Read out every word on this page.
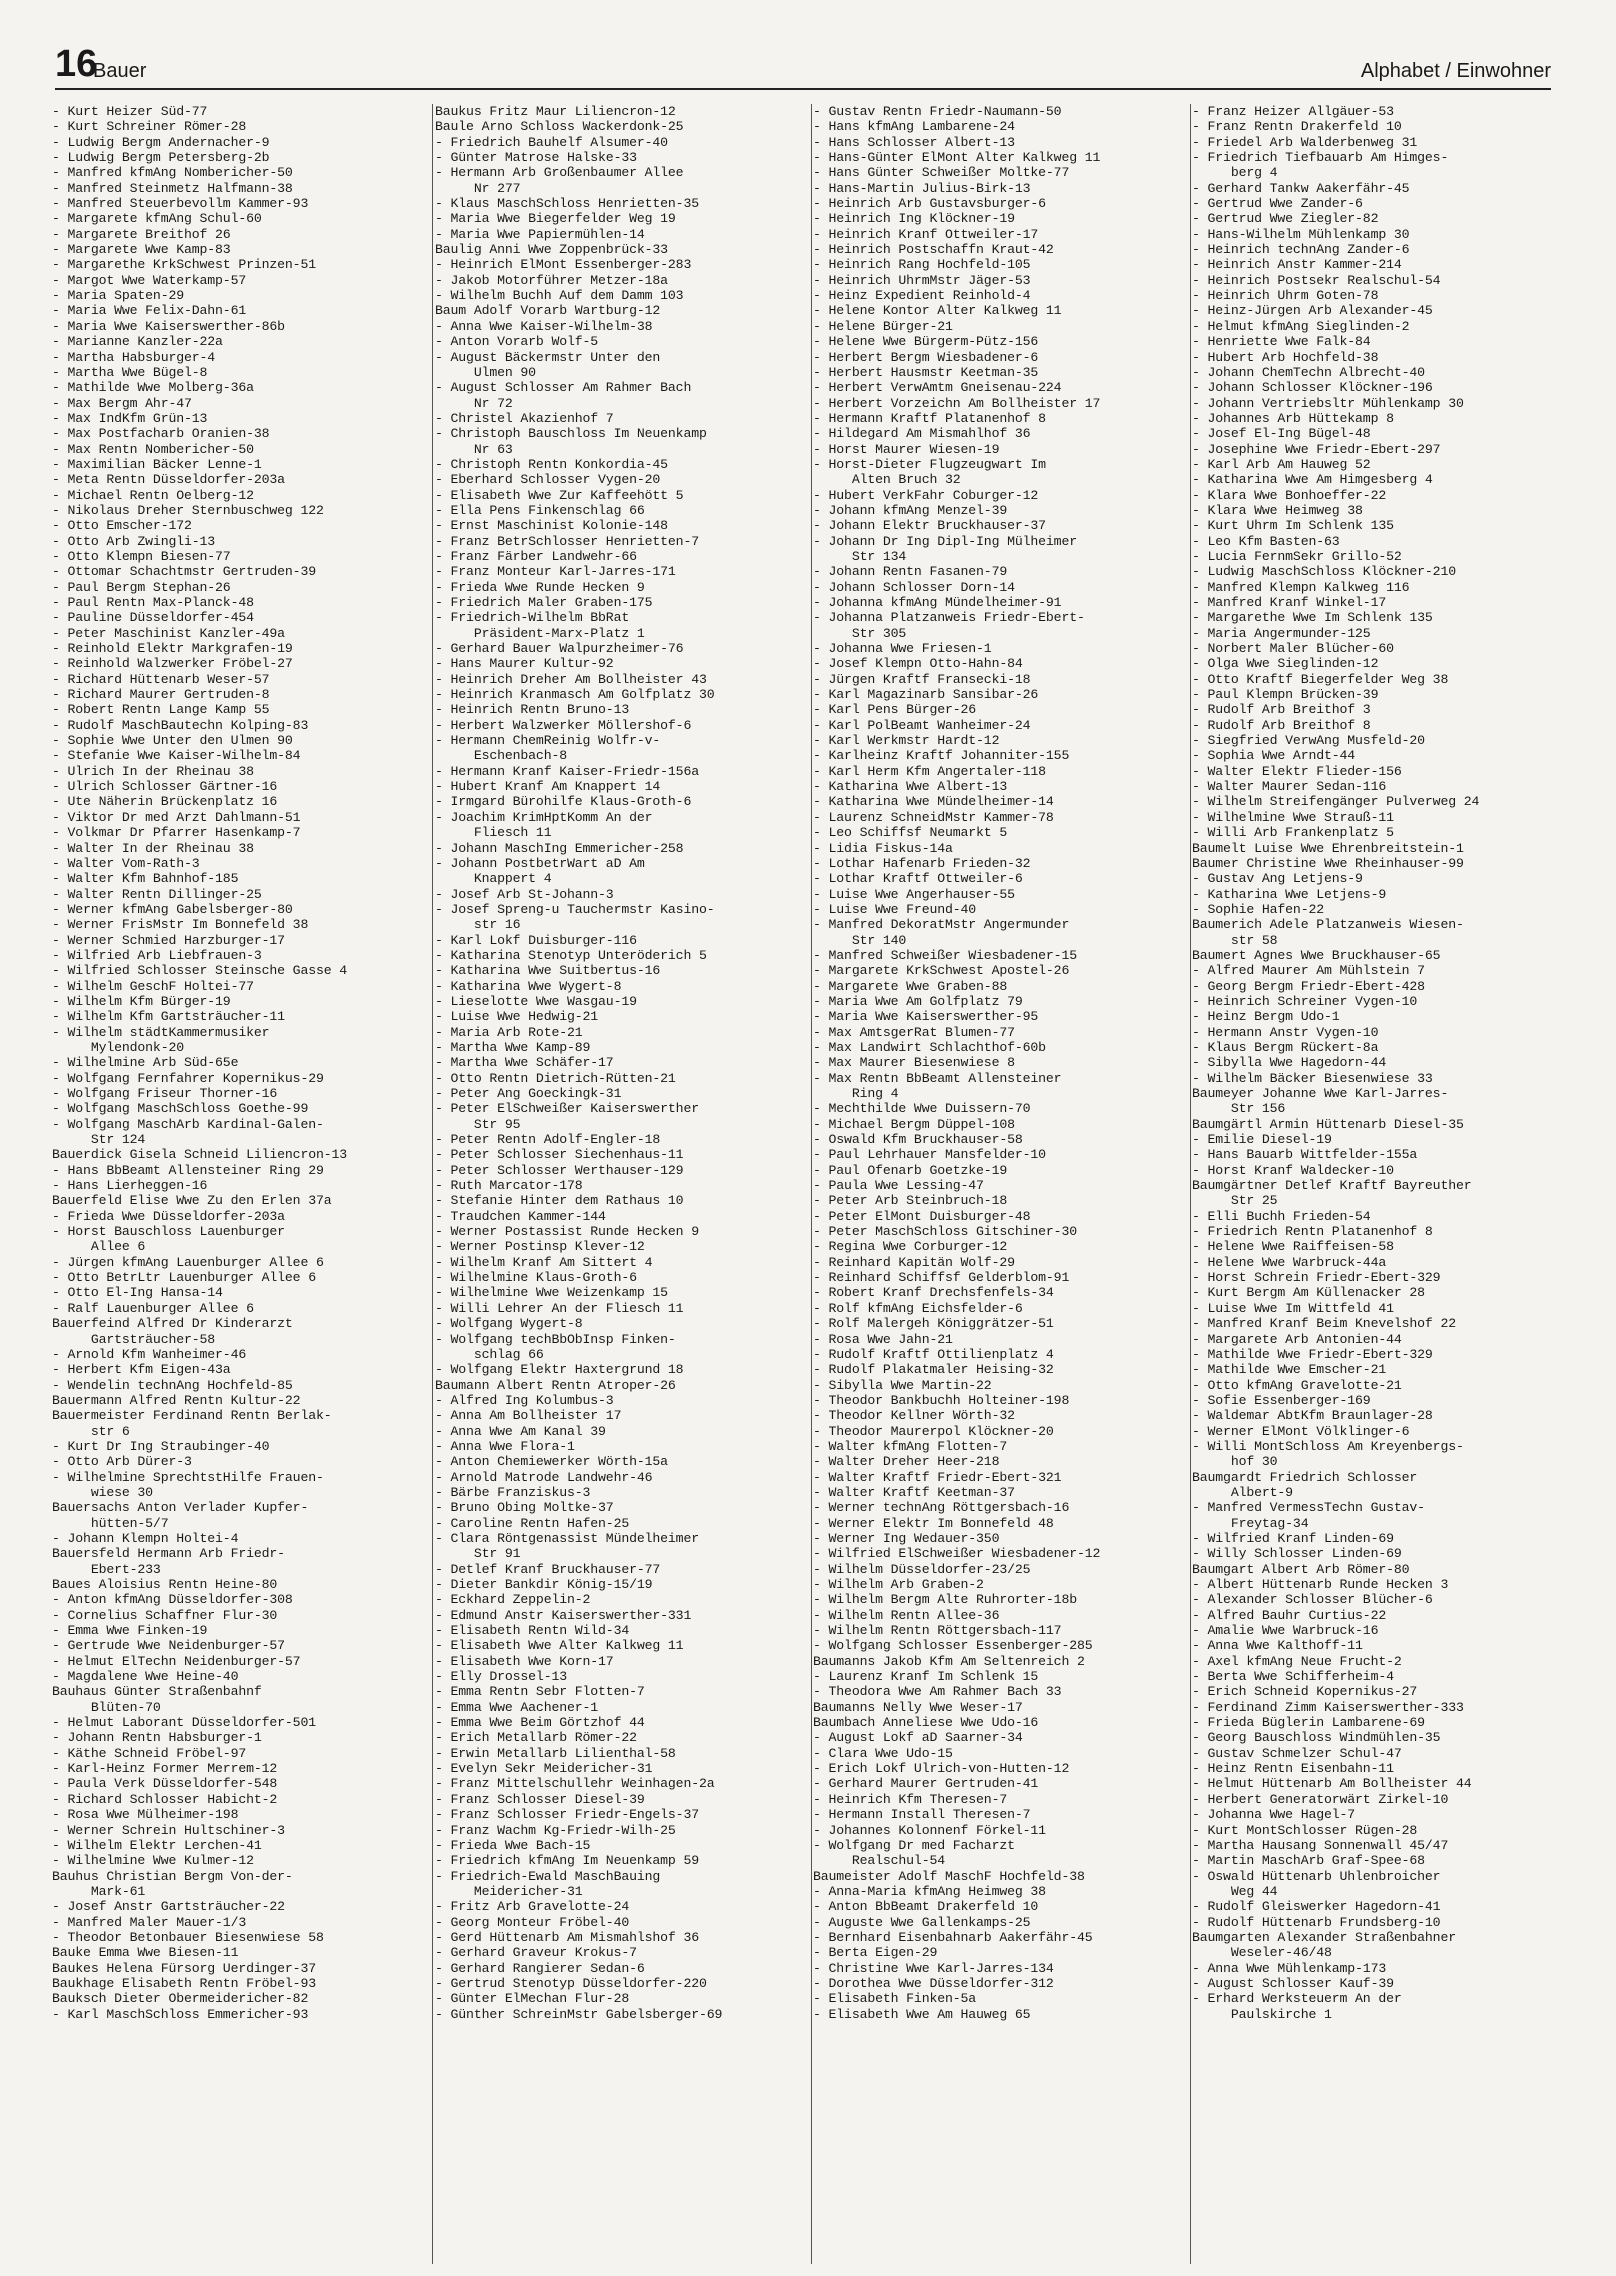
16
Bauer	Alphabet / Einwohner
- Kurt Heizer Süd-77
- Kurt Schreiner Römer-28
- Ludwig Bergm Andernacher-9
- Ludwig Bergm Petersberg-2b
- Manfred kfmAng Nombericher-50
- Manfred Steinmetz Halfmann-38
- Manfred Steuerbevollm Kammer-93
- Margarete kfmAng Schul-60
- Margarete Breithof 26
- Margarete Wwe Kamp-83
- Margarethe KrkSchwest Prinzen-51
- Margot Wwe Waterkamp-57
- Maria Spaten-29
- Maria Wwe Felix-Dahn-61
- Maria Wwe Kaiserswerther-86b
- Marianne Kanzler-22a
- Martha Habsburger-4
- Martha Wwe Bügel-8
- Mathilde Wwe Molberg-36a
- Max Bergm Ahr-47
- Max IndKfm Grün-13
- Max Postfacharb Oranien-38
- Max Rentn Nombericher-50
- Maximilian Bäcker Lenne-1
- Meta Rentn Düsseldorfer-203a
- Michael Rentn Oelberg-12
- Nikolaus Dreher Sternbuschweg 122
- Otto Emscher-172
- Otto Arb Zwingli-13
- Otto Klempn Biesen-77
- Ottomar Schachtmstr Gertruden-39
- Paul Bergm Stephan-26
- Paul Rentn Max-Planck-48
- Pauline Düsseldorfer-454
- Peter Maschinist Kanzler-49a
- Reinhold Elektr Markgrafen-19
- Reinhold Walzwerker Fröbel-27
- Richard Hüttenarb Weser-57
- Richard Maurer Gertruden-8
- Robert Rentn Lange Kamp 55
- Rudolf MaschBautechn Kolping-83
- Sophie Wwe Unter den Ulmen 90
- Stefanie Wwe Kaiser-Wilhelm-84
- Ulrich In der Rheinau 38
- Ulrich Schlosser Gärtner-16
- Ute Näherin Brückenplatz 16
- Viktor Dr med Arzt Dahlmann-51
- Volkmar Dr Pfarrer Hasenkamp-7
- Walter In der Rheinau 38
- Walter Vom-Rath-3
- Walter Kfm Bahnhof-185
- Walter Rentn Dillinger-25
- Werner kfmAng Gabelsberger-80
- Werner FrisMstr Im Bonnefeld 38
- Werner Schmied Harzburger-17
- Wilfried Arb Liebfrauen-3
- Wilfried Schlosser Steinsche Gasse 4
- Wilhelm GeschF Holtei-77
- Wilhelm Kfm Bürger-19
- Wilhelm Kfm Gartsträucher-11
- Wilhelm städtKammermusiker
Mylendonk-20
- Wilhelmine Arb Süd-65e
- Wolfgang Fernfahrer Kopernikus-29
- Wolfgang Friseur Thorner-16
- Wolfgang MaschSchloss Goethe-99
- Wolfgang MaschArb Kardinal-Galen-
Str 124
Bauerdick Gisela Schneid Liliencron-13
- Hans BbBeamt Allensteiner Ring 29
- Hans Lierheggen-16
Bauerfeld Elise Wwe Zu den Erlen 37a
- Frieda Wwe Düsseldorfer-203a
- Horst Bauschloss Lauenburger
Allee 6
- Jürgen kfmAng Lauenburger Allee 6
- Otto BetrLtr Lauenburger Allee 6
- Otto El-Ing Hansa-14
- Ralf Lauenburger Allee 6
Bauerfeind Alfred Dr Kinderarzt
Gartsträucher-58
- Arnold Kfm Wanheimer-46
- Herbert Kfm Eigen-43a
- Wendelin technAng Hochfeld-85
Bauermann Alfred Rentn Kultur-22
Bauermeister Ferdinand Rentn Berlak-
str 6
- Kurt Dr Ing Straubinger-40
- Otto Arb Dürer-3
- Wilhelmine SprechtstHilfe Frauen-
wiese 30
Bauersachs Anton Verlader Kupfer-
hütten-5/7
- Johann Klempn Holtei-4
Bauersfeld Hermann Arb Friedr-
Ebert-233
Baues Aloisius Rentn Heine-80
- Anton kfmAng Düsseldorfer-308
- Cornelius Schaffner Flur-30
- Emma Wwe Finken-19
- Gertrude Wwe Neidenburger-57
- Helmut ElTechn Neidenburger-57
- Magdalene Wwe Heine-40
Bauhaus Günter Straßenbahnf
Blüten-70
- Helmut Laborant Düsseldorfer-501
- Johann Rentn Habsburger-1
- Käthe Schneid Fröbel-97
- Karl-Heinz Former Merrem-12
- Paula Verk Düsseldorfer-548
- Richard Schlosser Habicht-2
- Rosa Wwe Mülheimer-198
- Werner Schrein Hultschiner-3
- Wilhelm Elektr Lerchen-41
- Wilhelmine Wwe Kulmer-12
Bauhus Christian Bergm Von-der-
Mark-61
- Josef Anstr Gartsträucher-22
- Manfred Maler Mauer-1/3
- Theodor Betonbauer Biesenwiese 58
Bauke Emma Wwe Biesen-11
Baukes Helena Fürsorg Uerdinger-37
Baukhage Elisabeth Rentn Fröbel-93
Bauksch Dieter Obermeidericher-82
- Karl MaschSchloss Emmericher-93
Baukus Fritz Maur Liliencron-12
Baule Arno Schloss Wackerdonk-25
- Friedrich Bauhelf Alsumer-40
- Günter Matrose Halske-33
- Hermann Arb Großenbaumer Allee
Nr 277
- Klaus MaschSchloss Henrietten-35
- Maria Wwe Biegerfelder Weg 19
- Maria Wwe Papiermühlen-14
Baulig Anni Wwe Zoppenbrück-33
- Heinrich ElMont Essenberger-283
- Jakob Motorführer Metzer-18a
- Wilhelm Buchh Auf dem Damm 103
Baum Adolf Vorarb Wartburg-12
- Anna Wwe Kaiser-Wilhelm-38
- Anton Vorarb Wolf-5
- August Bäckermstr Unter den
Ulmen 90
- August Schlosser Am Rahmer Bach
Nr 72
- Christel Akazienhof 7
- Christoph Bauschloss Im Neuenkamp
Nr 63
- Christoph Rentn Konkordia-45
- Eberhard Schlosser Vygen-20
- Elisabeth Wwe Zur Kaffeehött 5
- Ella Pens Finkenschlag 66
- Ernst Maschinist Kolonie-148
- Franz BetrSchlosser Henrietten-7
- Franz Färber Landwehr-66
- Franz Monteur Karl-Jarres-171
- Frieda Wwe Runde Hecken 9
- Friedrich Maler Graben-175
- Friedrich-Wilhelm BbRat
Präsident-Marx-Platz 1
- Gerhard Bauer Walpurzheimer-76
- Hans Maurer Kultur-92
- Heinrich Dreher Am Bollheister 43
- Heinrich Kranmasch Am Golfplatz 30
- Heinrich Rentn Bruno-13
- Herbert Walzwerker Möllershof-6
- Hermann ChemReinig Wolfr-v-
Eschenbach-8
- Hermann Kranf Kaiser-Friedr-156a
- Hubert Kranf Am Knappert 14
- Irmgard Bürohilfe Klaus-Groth-6
- Joachim KrimHptKomm An der
Fliesch 11
- Johann MaschIng Emmericher-258
- Johann PostbetrWart aD Am
Knappert 4
- Josef Arb St-Johann-3
- Josef Spreng-u Tauchermstr Kasino-
str 16
- Karl Lokf Duisburger-116
- Katharina Stenotyp Unteröderich 5
- Katharina Wwe Suitbertus-16
- Katharina Wwe Wygert-8
- Lieselotte Wwe Wasgau-19
- Luise Wwe Hedwig-21
- Maria Arb Rote-21
- Martha Wwe Kamp-89
- Martha Wwe Schäfer-17
- Otto Rentn Dietrich-Rütten-21
- Peter Ang Goeckingk-31
- Peter ElSchweißer Kaiserswerther
Str 95
- Peter Rentn Adolf-Engler-18
- Peter Schlosser Siechenhaus-11
- Peter Schlosser Werthauser-129
- Ruth Marcator-178
- Stefanie Hinter dem Rathaus 10
- Traudchen Kammer-144
- Werner Postassist Runde Hecken 9
- Werner Postinsp Klever-12
- Wilhelm Kranf Am Sittert 4
- Wilhelmine Klaus-Groth-6
- Wilhelmine Wwe Weizenkamp 15
- Willi Lehrer An der Fliesch 11
- Wolfgang Wygert-8
- Wolfgang techBbObInsp Finken-
schlag 66
- Wolfgang Elektr Haxtergrund 18
Baumann Albert Rentn Atroper-26
- Alfred Ing Kolumbus-3
- Anna Am Bollheister 17
- Anna Wwe Am Kanal 39
- Anna Wwe Flora-1
- Anton Chemiewerker Wörth-15a
- Arnold Matrode Landwehr-46
- Bärbe Franziskus-3
- Bruno Obing Moltke-37
- Caroline Rentn Hafen-25
- Clara Röntgenassist Mündelheimer
Str 91
- Detlef Kranf Bruckhauser-77
- Dieter Bankdir König-15/19
- Eckhard Zeppelin-2
- Edmund Anstr Kaiserswerther-331
- Elisabeth Rentn Wild-34
- Elisabeth Wwe Alter Kalkweg 11
- Elisabeth Wwe Korn-17
- Elly Drossel-13
- Emma Rentn Sebr Flotten-7
- Emma Wwe Aachener-1
- Emma Wwe Beim Görtzhof 44
- Erich Metallarb Römer-22
- Erwin Metallarb Lilienthal-58
- Evelyn Sekr Meidericher-31
- Franz Mittelschullehr Weinhagen-2a
- Franz Schlosser Diesel-39
- Franz Schlosser Friedr-Engels-37
- Franz Wachm Kg-Friedr-Wilh-25
- Frieda Wwe Bach-15
- Friedrich kfmAng Im Neuenkamp 59
- Friedrich-Ewald MaschBauing
Meidericher-31
- Fritz Arb Gravelotte-24
- Georg Monteur Fröbel-40
- Gerd Hüttenarb Am Mismahlshof 36
- Gerhard Graveur Krokus-7
- Gerhard Rangierer Sedan-6
- Gertrud Stenotyp Düsseldorfer-220
- Günter ElMechan Flur-28
- Günther SchreinMstr Gabelsberger-69
- Gustav Rentn Friedr-Naumann-50
- Hans kfmAng Lambarene-24
- Hans Schlosser Albert-13
- Hans-Günter ElMont Alter Kalkweg 11
- Hans Günter Schweißer Moltke-77
- Hans-Martin Julius-Birk-13
- Heinrich Arb Gustavsburger-6
- Heinrich Ing Klöckner-19
- Heinrich Kranf Ottweiler-17
- Heinrich Postschaffn Kraut-42
- Heinrich Rang Hochfeld-105
- Heinrich UhrmMstr Jäger-53
- Heinz Expedient Reinhold-4
- Helene Kontor Alter Kalkweg 11
- Helene Bürger-21
- Helene Wwe Bürgerm-Pütz-156
- Herbert Bergm Wiesbadener-6
- Herbert Hausmstr Keetman-35
- Herbert VerwAmtm Gneisenau-224
- Herbert Vorzeichn Am Bollheister 17
- Hermann Kraftf Platanenhof 8
- Hildegard Am Mismahlhof 36
- Horst Maurer Wiesen-19
- Horst-Dieter Flugzeugwart Im
Alten Bruch 32
- Hubert VerkFahr Coburger-12
- Johann kfmAng Menzel-39
- Johann Elektr Bruckhauser-37
- Johann Dr Ing Dipl-Ing Mülheimer
Str 134
- Johann Rentn Fasanen-79
- Johann Schlosser Dorn-14
- Johanna kfmAng Mündelheimer-91
- Johanna Platzanweis Friedr-Ebert-
Str 305
- Johanna Wwe Friesen-1
- Josef Klempn Otto-Hahn-84
- Jürgen Kraftf Fransecki-18
- Karl Magazinarb Sansibar-26
- Karl Pens Bürger-26
- Karl PolBeamt Wanheimer-24
- Karl Werkmstr Hardt-12
- Karlheinz Kraftf Johanniter-155
- Karl Herm Kfm Angertaler-118
- Katharina Wwe Albert-13
- Katharina Wwe Mündelheimer-14
- Laurenz SchneidMstr Kammer-78
- Leo Schiffsf Neumarkt 5
- Lidia Fiskus-14a
- Lothar Hafenarb Frieden-32
- Lothar Kraftf Ottweiler-6
- Luise Wwe Angerhauser-55
- Luise Wwe Freund-40
- Manfred DekoratMstr Angermunder
Str 140
- Manfred Schweißer Wiesbadener-15
- Margarete KrkSchwest Apostel-26
- Margarete Wwe Graben-88
- Maria Wwe Am Golfplatz 79
- Maria Wwe Kaiserswerther-95
- Max AmtsgerRat Blumen-77
- Max Landwirt Schlachthof-60b
- Max Maurer Biesenwiese 8
- Max Rentn BbBeamt Allensteiner
Ring 4
- Mechthilde Wwe Duissern-70
- Michael Bergm Düppel-108
- Oswald Kfm Bruckhauser-58
- Paul Lehrhauer Mansfelder-10
- Paul Ofenarb Goetzke-19
- Paula Wwe Lessing-47
- Peter Arb Steinbruch-18
- Peter ElMont Duisburger-48
- Peter MaschSchloss Gitschiner-30
- Regina Wwe Corburger-12
- Reinhard Kapitän Wolf-29
- Reinhard Schiffsf Gelderblom-91
- Robert Kranf Drechsfenfels-34
- Rolf kfmAng Eichsfelder-6
- Rolf Malergeh Königgrätzer-51
- Rosa Wwe Jahn-21
- Rudolf Kraftf Ottilienplatz 4
- Rudolf Plakatmaler Heising-32
- Sibylla Wwe Martin-22
- Theodor Bankbuchh Holteiner-198
- Theodor Kellner Wörth-32
- Theodor Maurerpol Klöckner-20
- Walter kfmAng Flotten-7
- Walter Dreher Heer-218
- Walter Kraftf Friedr-Ebert-321
- Walter Kraftf Keetman-37
- Werner technAng Röttgersbach-16
- Werner Elektr Im Bonnefeld 48
- Werner Ing Wedauer-350
- Wilfried ElSchweißer Wiesbadener-12
- Wilhelm Düsseldorfer-23/25
- Wilhelm Arb Graben-2
- Wilhelm Bergm Alte Ruhrorter-18b
- Wilhelm Rentn Allee-36
- Wilhelm Rentn Röttgersbach-117
- Wolfgang Schlosser Essenberger-285
Baumanns Jakob Kfm Am Seltenreich 2
- Laurenz Kranf Im Schlenk 15
- Theodora Wwe Am Rahmer Bach 33
Baumanns Nelly Wwe Weser-17
Baumbach Anneliese Wwe Udo-16
- August Lokf aD Saarner-34
- Clara Wwe Udo-15
- Erich Lokf Ulrich-von-Hutten-12
- Gerhard Maurer Gertruden-41
- Heinrich Kfm Theresen-7
- Hermann Install Theresen-7
- Johannes Kolonnenf Förkel-11
- Wolfgang Dr med Facharzt
Realschul-54
Baumeister Adolf MaschF Hochfeld-38
- Anna-Maria kfmAng Heimweg 38
- Anton BbBeamt Drakerfeld 10
- Auguste Wwe Gallenkamps-25
- Bernhard Eisenbahnarb Aakerfähr-45
- Berta Eigen-29
- Christine Wwe Karl-Jarres-134
- Dorothea Wwe Düsseldorfer-312
- Elisabeth Finken-5a
- Elisabeth Wwe Am Hauweg 65
- Franz Heizer Allgäuer-53
- Franz Rentn Drakerfeld 10
- Friedel Arb Walderbenweg 31
- Friedrich Tiefbauarb Am Himges-
berg 4
- Gerhard Tankw Aakerfähr-45
- Gertrud Wwe Zander-6
- Gertrud Wwe Ziegler-82
- Hans-Wilhelm Mühlenkamp 30
- Heinrich technAng Zander-6
- Heinrich Anstr Kammer-214
- Heinrich Postsekr Realschul-54
- Heinrich Uhrm Goten-78
- Heinz-Jürgen Arb Alexander-45
- Helmut kfmAng Sieglinden-2
- Henriette Wwe Falk-84
- Hubert Arb Hochfeld-38
- Johann ChemTechn Albrecht-40
- Johann Schlosser Klöckner-196
- Johann Vertriebsltr Mühlenkamp 30
- Johannes Arb Hüttekamp 8
- Josef El-Ing Bügel-48
- Josephine Wwe Friedr-Ebert-297
- Karl Arb Am Hauweg 52
- Katharina Wwe Am Himgesberg 4
- Klara Wwe Bonhoeffer-22
- Klara Wwe Heimweg 38
- Kurt Uhrm Im Schlenk 135
- Leo Kfm Basten-63
- Lucia FernmSekr Grillo-52
- Ludwig MaschSchloss Klöckner-210
- Manfred Klempn Kalkweg 116
- Manfred Kranf Winkel-17
- Margarethe Wwe Im Schlenk 135
- Maria Angermunder-125
- Norbert Maler Blücher-60
- Olga Wwe Sieglinden-12
- Otto Kraftf Biegerfelder Weg 38
- Paul Klempn Brücken-39
- Rudolf Arb Breithof 3
- Rudolf Arb Breithof 8
- Siegfried VerwAng Musfeld-20
- Sophia Wwe Arndt-44
- Walter Elektr Flieder-156
- Walter Maurer Sedan-116
- Wilhelm Streifengänger Pulverweg 24
- Wilhelmine Wwe Strauß-11
- Willi Arb Frankenplatz 5
Baumelt Luise Wwe Ehrenbreitstein-1
Baumer Christine Wwe Rheinhauser-99
- Gustav Ang Letjens-9
- Katharina Wwe Letjens-9
- Sophie Hafen-22
Baumerich Adele Platzanweis Wiesen-
str 58
Baumert Agnes Wwe Bruckhauser-65
- Alfred Maurer Am Mühlstein 7
- Georg Bergm Friedr-Ebert-428
- Heinrich Schreiner Vygen-10
- Heinz Bergm Udo-1
- Hermann Anstr Vygen-10
- Klaus Bergm Rückert-8a
- Sibylla Wwe Hagedorn-44
- Wilhelm Bäcker Biesenwiese 33
Baumeyer Johanne Wwe Karl-Jarres-
Str 156
Baumgärtl Armin Hüttenarb Diesel-35
- Emilie Diesel-19
- Hans Bauarb Wittfelder-155a
- Horst Kranf Waldecker-10
Baumgärtner Detlef Kraftf Bayreuther
Str 25
- Elli Buchh Frieden-54
- Friedrich Rentn Platanenhof 8
- Helene Wwe Raiffeisen-58
- Helene Wwe Warbruck-44a
- Horst Schrein Friedr-Ebert-329
- Kurt Bergm Am Küllenacker 28
- Luise Wwe Im Wittfeld 41
- Manfred Kranf Beim Knevelshof 22
- Margarete Arb Antonien-44
- Mathilde Wwe Friedr-Ebert-329
- Mathilde Wwe Emscher-21
- Otto kfmAng Gravelotte-21
- Sofie Essenberger-169
- Waldemar AbtKfm Braunlager-28
- Werner ElMont Völklinger-6
- Willi MontSchloss Am Kreyenbergs-
hof 30
Baumgardt Friedrich Schlosser
Albert-9
- Manfred VermessTechn Gustav-
Freytag-34
- Wilfried Kranf Linden-69
- Willy Schlosser Linden-69
Baumgart Albert Arb Römer-80
- Albert Hüttenarb Runde Hecken 3
- Alexander Schlosser Blücher-6
- Alfred Bauhr Curtius-22
- Amalie Wwe Warbruck-16
- Anna Wwe Kalthoff-11
- Axel kfmAng Neue Frucht-2
- Berta Wwe Schifferheim-4
- Erich Schneid Kopernikus-27
- Ferdinand Zimm Kaiserswerther-333
- Frieda Büglerin Lambarene-69
- Georg Bauschloss Windmühlen-35
- Gustav Schmelzer Schul-47
- Heinz Rentn Eisenbahn-11
- Helmut Hüttenarb Am Bollheister 44
- Herbert Generatorwärt Zirkel-10
- Johanna Wwe Hagel-7
- Kurt MontSchlosser Rügen-28
- Martha Hausang Sonnenwall 45/47
- Martin MaschArb Graf-Spee-68
- Oswald Hüttenarb Uhlenbroicher
Weg 44
- Rudolf Gleiswerker Hagedorn-41
- Rudolf Hüttenarb Frundsberg-10
Baumgarten Alexander Straßenbahner
Weseler-46/48
- Anna Wwe Mühlenkamp-173
- August Schlosser Kauf-39
- Erhard Werksteuerm An der
Paulskirche 1
